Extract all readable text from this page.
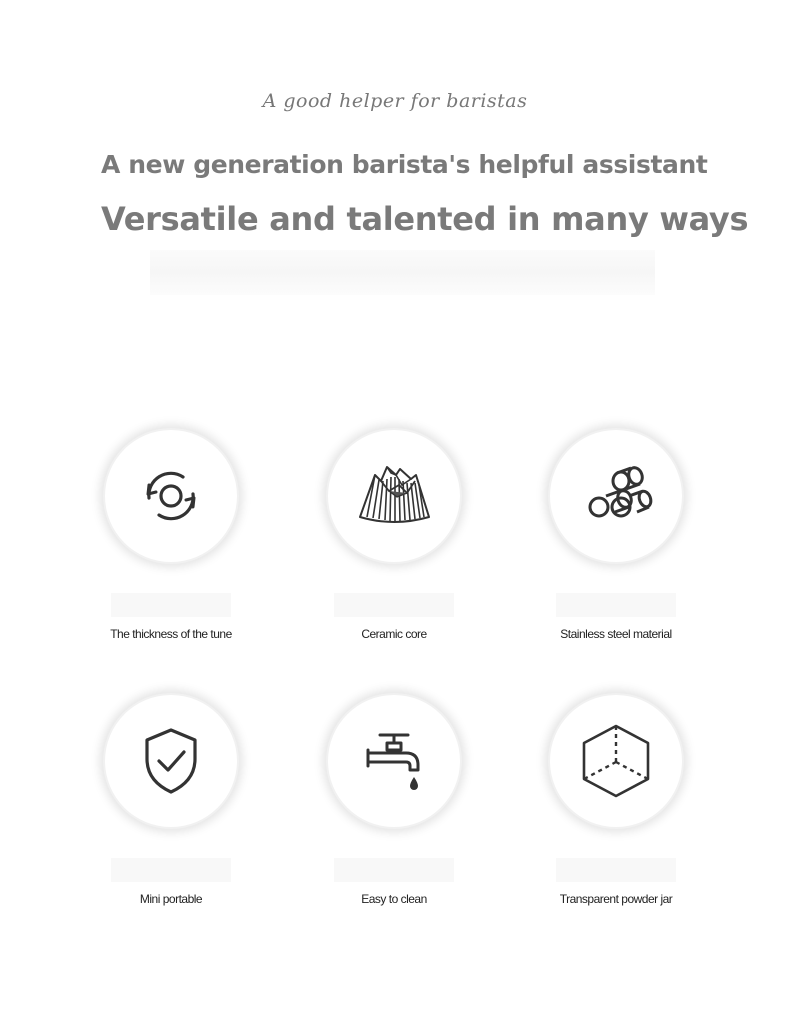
A good helper for baristas
A new generation barista's helpful assistant
Versatile and talented in many ways
The thickness of the tune	Ceramic core	Stainless steel material
Mini portable	Easy to clean	Transparent powder jar
